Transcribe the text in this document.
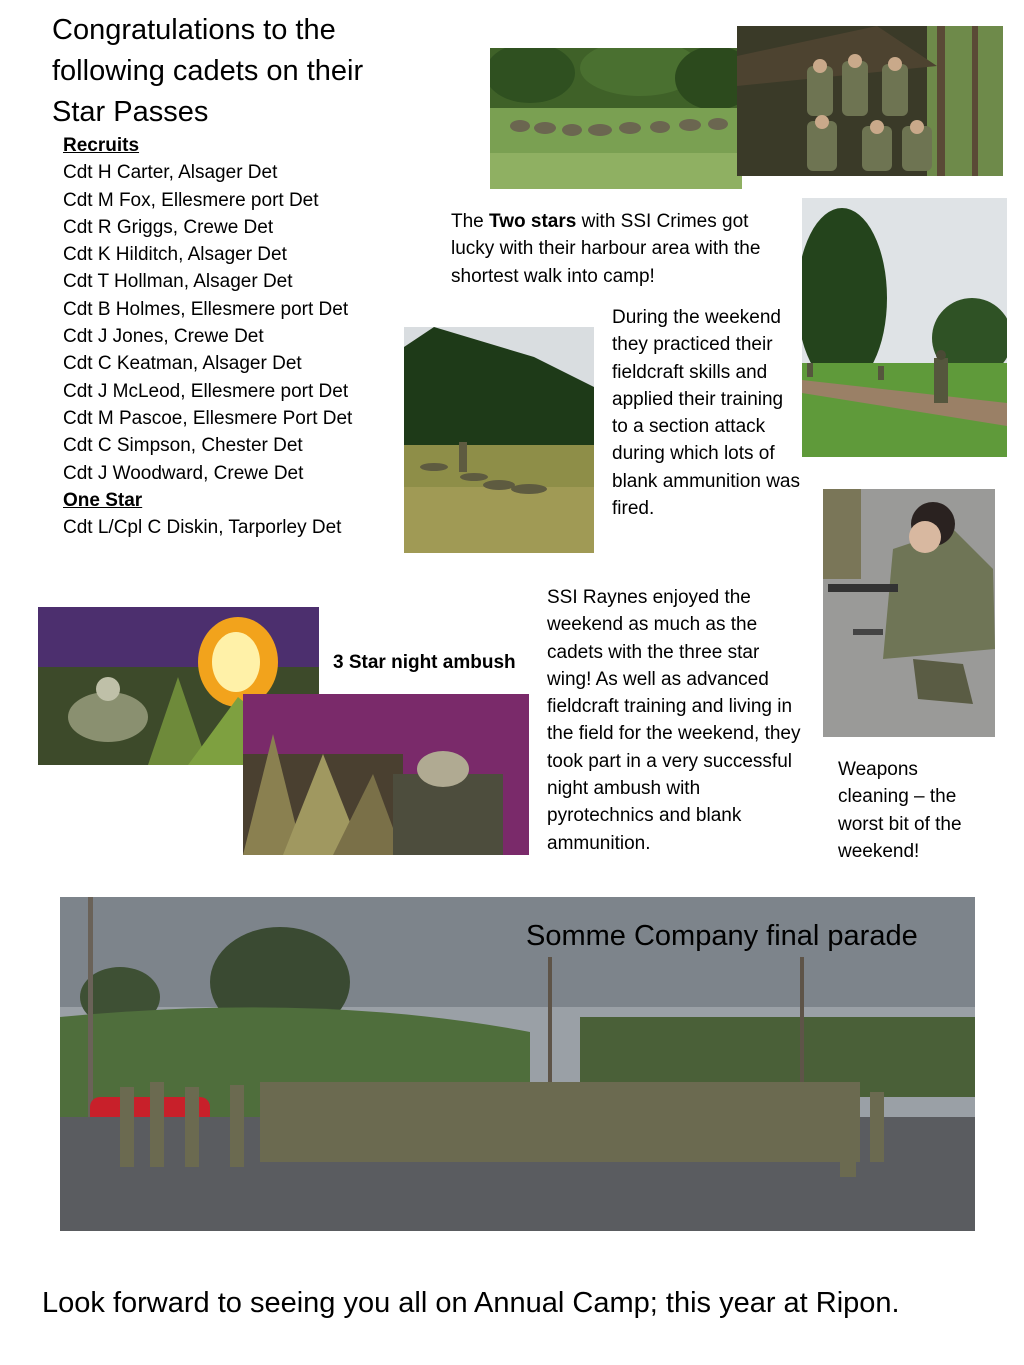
Congratulations to the
following cadets on their
Star Passes
Recruits
Cdt H Carter, Alsager Det
Cdt M Fox, Ellesmere port Det
Cdt R Griggs, Crewe Det
Cdt K Hilditch, Alsager Det
Cdt T Hollman, Alsager Det
Cdt B Holmes, Ellesmere port Det
Cdt J Jones, Crewe Det
Cdt C Keatman, Alsager Det
Cdt J McLeod, Ellesmere port Det
Cdt M Pascoe, Ellesmere Port Det
Cdt C Simpson, Chester Det
Cdt J Woodward, Crewe Det
One Star
Cdt L/Cpl C Diskin, Tarporley Det
The Two stars with SSI Crimes got lucky with their harbour area with the shortest walk into camp!
During the weekend they practiced their fieldcraft skills and applied their training to a section attack during which lots of blank ammunition was fired.
3 Star night ambush
SSI Raynes enjoyed the weekend as much as the cadets with the three star wing! As well as advanced fieldcraft training and living in the field for the weekend, they took part in a very successful night ambush with pyrotechnics and blank ammunition.
Weapons cleaning – the worst bit of the weekend!
Somme Company final parade
Look forward to seeing you all on Annual Camp; this year at Ripon.
